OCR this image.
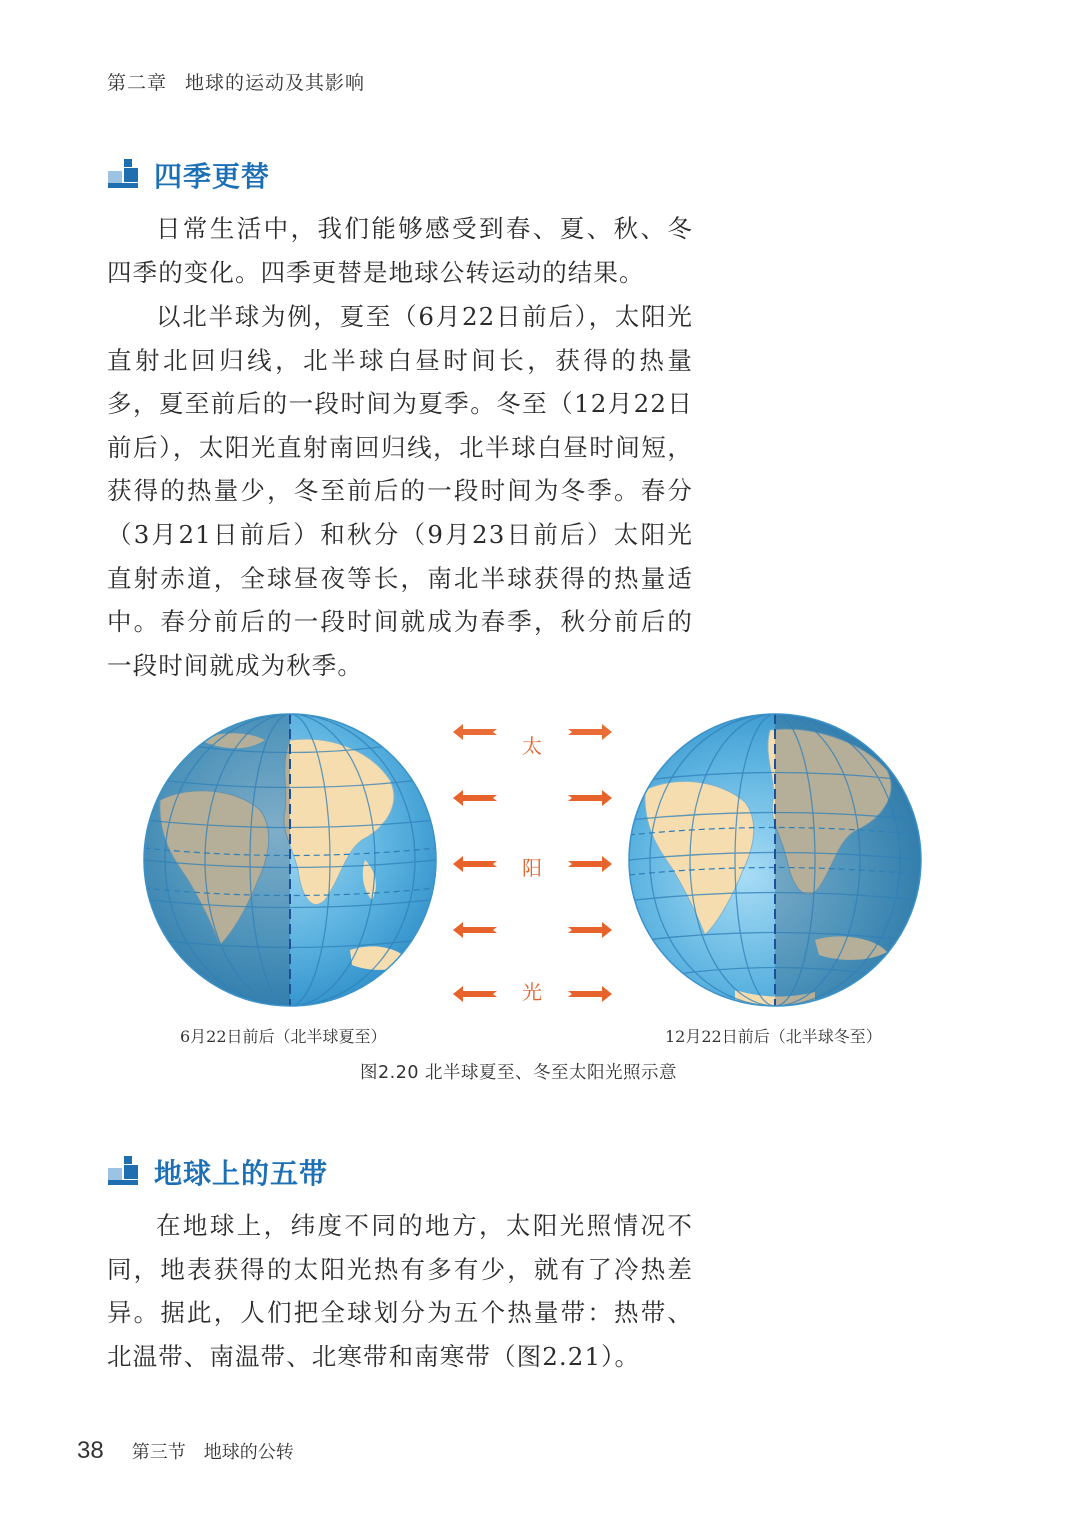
第二章 地球的运动及其影响
四季更替

日常生活中，我们能够感受到春、夏、秋、冬四季的变化。四季更替是地球公转运动的结果。

以北半球为例，夏至（6月22日前后），太阳光直射北回归线，北半球白昼时间长，获得的热量多，夏至前后的一段时间为夏季。冬至（12月22日前后），太阳光直射南回归线，北半球白昼时间短，获得的热量少，冬至前后的一段时间为冬季。春分（3月21日前后）和秋分（9月23日前后）太阳光直射赤道，全球昼夜等长，南北半球获得的热量适中。春分前后的一段时间就成为春季，秋分前后的一段时间就成为秋季。

太
阳
光
6月22日前后（北半球夏至）	12月22日前后（北半球冬至）
图2.20 北半球夏至、冬至太阳光照示意
地球上的五带

在地球上，纬度不同的地方，太阳光照情况不同，地表获得的太阳光热有多有少，就有了冷热差异。据此，人们把全球划分为五个热量带：热带、北温带、南温带、北寒带和南寒带（图2.21）。

38 第三节 地球的公转
